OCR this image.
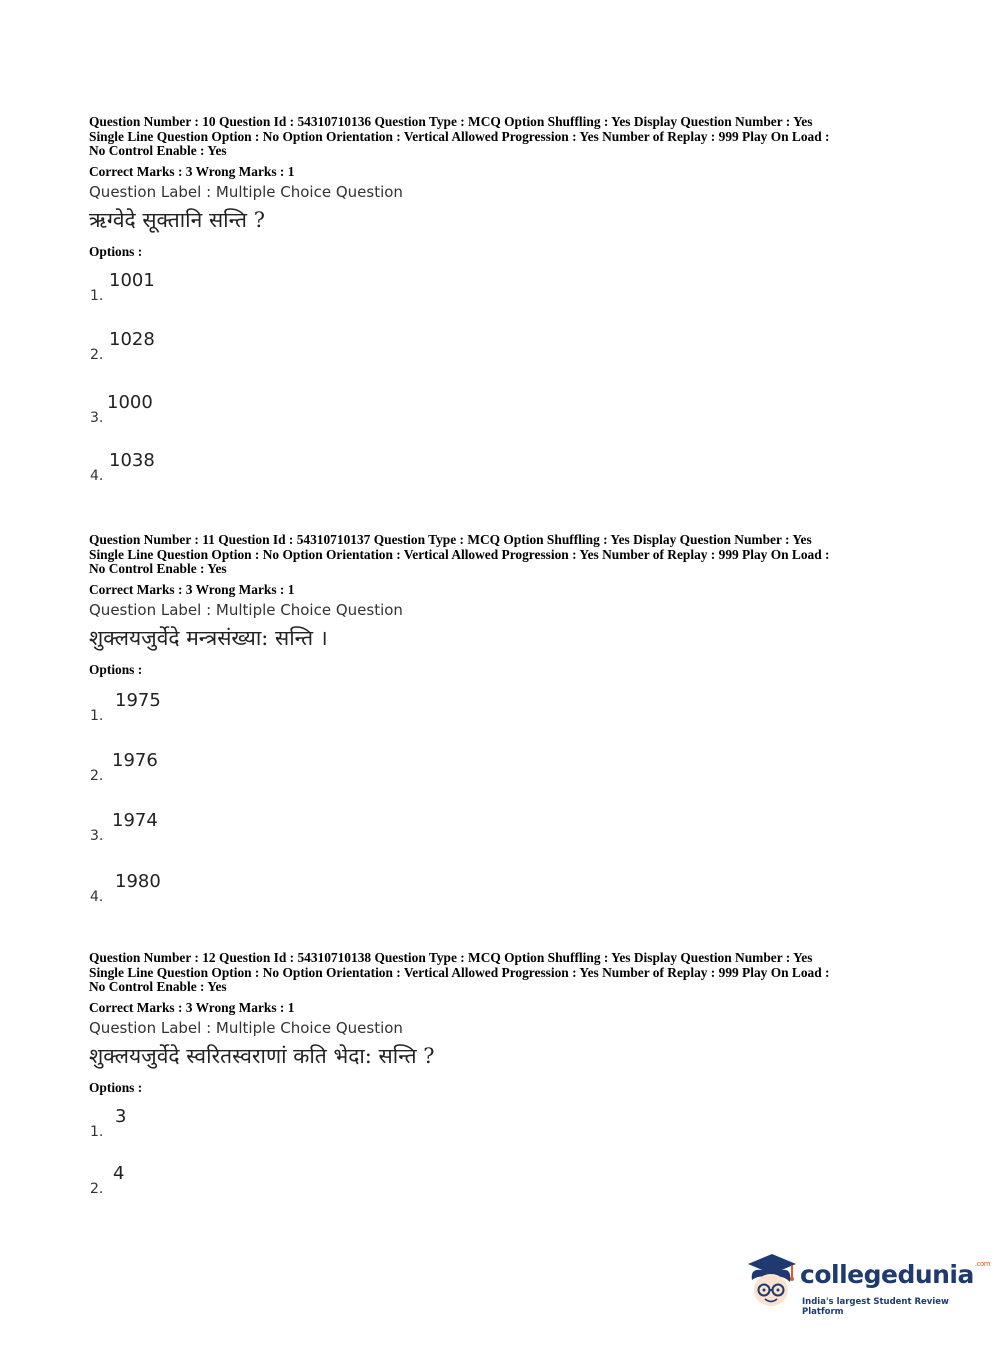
Question Number : 10 Question Id : 54310710136 Question Type : MCQ Option Shuffling : Yes Display Question Number : Yes

Single Line Question Option : No Option Orientation : Vertical Allowed Progression : Yes Number of Replay : 999 Play On Load :

No Control Enable : Yes

Correct Marks : 3 Wrong Marks : 1

Question Label : Multiple Choice Question
ऋग्वेदे सूक्तानि सन्ति ?
Options :
1.
1001
2.
1028
3.
1000
4.
1038

Question Number : 11 Question Id : 54310710137 Question Type : MCQ Option Shuffling : Yes Display Question Number : Yes

Single Line Question Option : No Option Orientation : Vertical Allowed Progression : Yes Number of Replay : 999 Play On Load :

No Control Enable : Yes

Correct Marks : 3 Wrong Marks : 1

Question Label : Multiple Choice Question
शुक्लयजुर्वेदे मन्त्रसंख्या: सन्ति ।
Options :
1.
1975
2.
1976
3.
1974
4.
1980

Question Number : 12 Question Id : 54310710138 Question Type : MCQ Option Shuffling : Yes Display Question Number : Yes

Single Line Question Option : No Option Orientation : Vertical Allowed Progression : Yes Number of Replay : 999 Play On Load :

No Control Enable : Yes

Correct Marks : 3 Wrong Marks : 1

Question Label : Multiple Choice Question
शुक्लयजुर्वेदे स्वरितस्वराणां कति भेदा: सन्ति ?
Options :
1.
3
2.
4
collegedunia$^{.com}$
India's largest Student Review Platform
